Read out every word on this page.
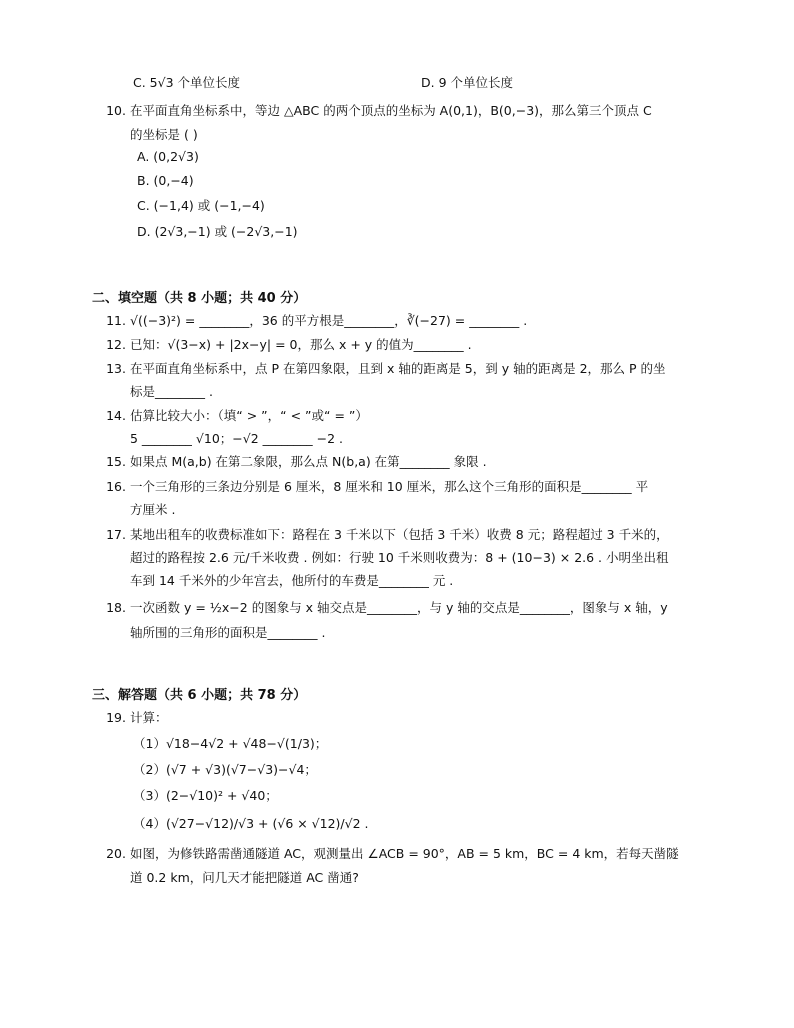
C. 5√3 个单位长度	D. 9 个单位长度
10. 在平面直角坐标系中，等边 △ABC 的两个顶点的坐标为 A(0,1)，B(0,−3)，那么第三个顶点 C
的坐标是 ( )
A. (0,2√3)
B. (0,−4)
C. (−1,4) 或 (−1,−4)
D. (2√3,−1) 或 (−2√3,−1)
二、填空题（共 8 小题；共 40 分）
11. √((−3)²) = ________，36 的平方根是________，∛(−27) = ________ .
12. 已知：√(3−x) + |2x−y| = 0，那么 x + y 的值为________ .
13. 在平面直角坐标系中，点 P 在第四象限，且到 x 轴的距离是 5，到 y 轴的距离是 2，那么 P 的坐
标是________ .
14. 估算比较大小：（填“ > ”，“ < ”或“ = ”）
5 ________ √10；−√2 ________ −2 .
15. 如果点 M(a,b) 在第二象限，那么点 N(b,a) 在第________ 象限 .
16. 一个三角形的三条边分别是 6 厘米，8 厘米和 10 厘米，那么这个三角形的面积是________ 平
方厘米 .
17. 某地出租车的收费标准如下：路程在 3 千米以下（包括 3 千米）收费 8 元；路程超过 3 千米的，
超过的路程按 2.6 元/千米收费 . 例如：行驶 10 千米则收费为：8 + (10−3) × 2.6 . 小明坐出租
车到 14 千米外的少年宫去，他所付的车费是________ 元 .
18. 一次函数 y = ½x−2 的图象与 x 轴交点是________，与 y 轴的交点是________，图象与 x 轴，y
轴所围的三角形的面积是________ .
三、解答题（共 6 小题；共 78 分）
19. 计算：
（1）√18−4√2 + √48−√(1/3)；
（2）(√7 + √3)(√7−√3)−√4；
（3）(2−√10)² + √40；
（4）(√27−√12)/√3 + (√6 × √12)/√2 .
20. 如图，为修铁路需凿通隧道 AC，观测量出 ∠ACB = 90°，AB = 5 km，BC = 4 km，若每天凿隧
道 0.2 km，问几天才能把隧道 AC 凿通?
